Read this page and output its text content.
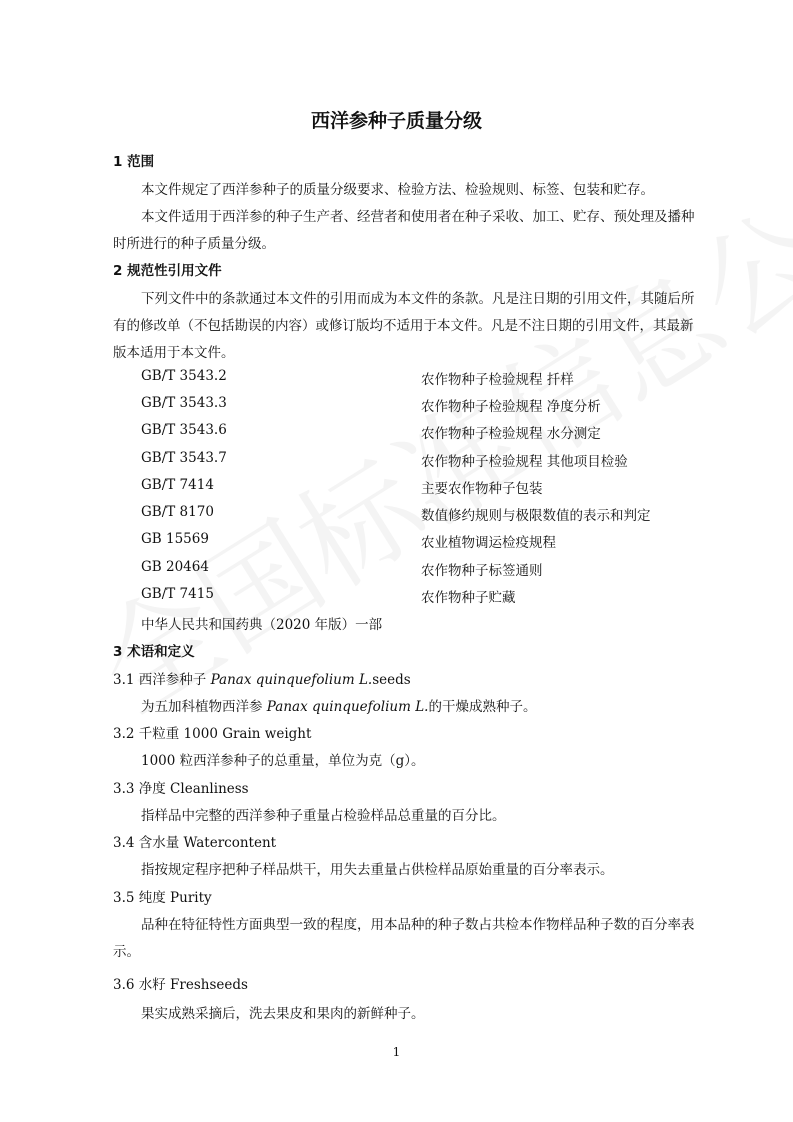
西洋参种子质量分级
1 范围
本文件规定了西洋参种子的质量分级要求、检验方法、检验规则、标签、包装和贮存。
本文件适用于西洋参的种子生产者、经营者和使用者在种子采收、加工、贮存、预处理及播种
时所进行的种子质量分级。
2 规范性引用文件
下列文件中的条款通过本文件的引用而成为本文件的条款。凡是注日期的引用文件，其随后所
有的修改单（不包括勘误的内容）或修订版均不适用于本文件。凡是不注日期的引用文件，其最新
版本适用于本文件。
GB/T 3543.2	农作物种子检验规程 扦样
GB/T 3543.3	农作物种子检验规程 净度分析
GB/T 3543.6	农作物种子检验规程 水分测定
GB/T 3543.7	农作物种子检验规程 其他项目检验
GB/T 7414	主要农作物种子包装
GB/T 8170	数值修约规则与极限数值的表示和判定
GB 15569	农业植物调运检疫规程
GB 20464	农作物种子标签通则
GB/T 7415	农作物种子贮藏
中华人民共和国药典（2020 年版）一部
3 术语和定义
3.1 西洋参种子 Panax quinquefolium L.seeds
为五加科植物西洋参 Panax quinquefolium L.的干燥成熟种子。
3.2 千粒重 1000 Grain weight
1000 粒西洋参种子的总重量，单位为克（g）。
3.3 净度 Cleanliness
指样品中完整的西洋参种子重量占检验样品总重量的百分比。
3.4 含水量 Watercontent
指按规定程序把种子样品烘干，用失去重量占供检样品原始重量的百分率表示。
3.5 纯度 Purity
品种在特征特性方面典型一致的程度，用本品种的种子数占共检本作物样品种子数的百分率表
示。
3.6 水籽 Freshseeds
果实成熟采摘后，洗去果皮和果肉的新鲜种子。
1
